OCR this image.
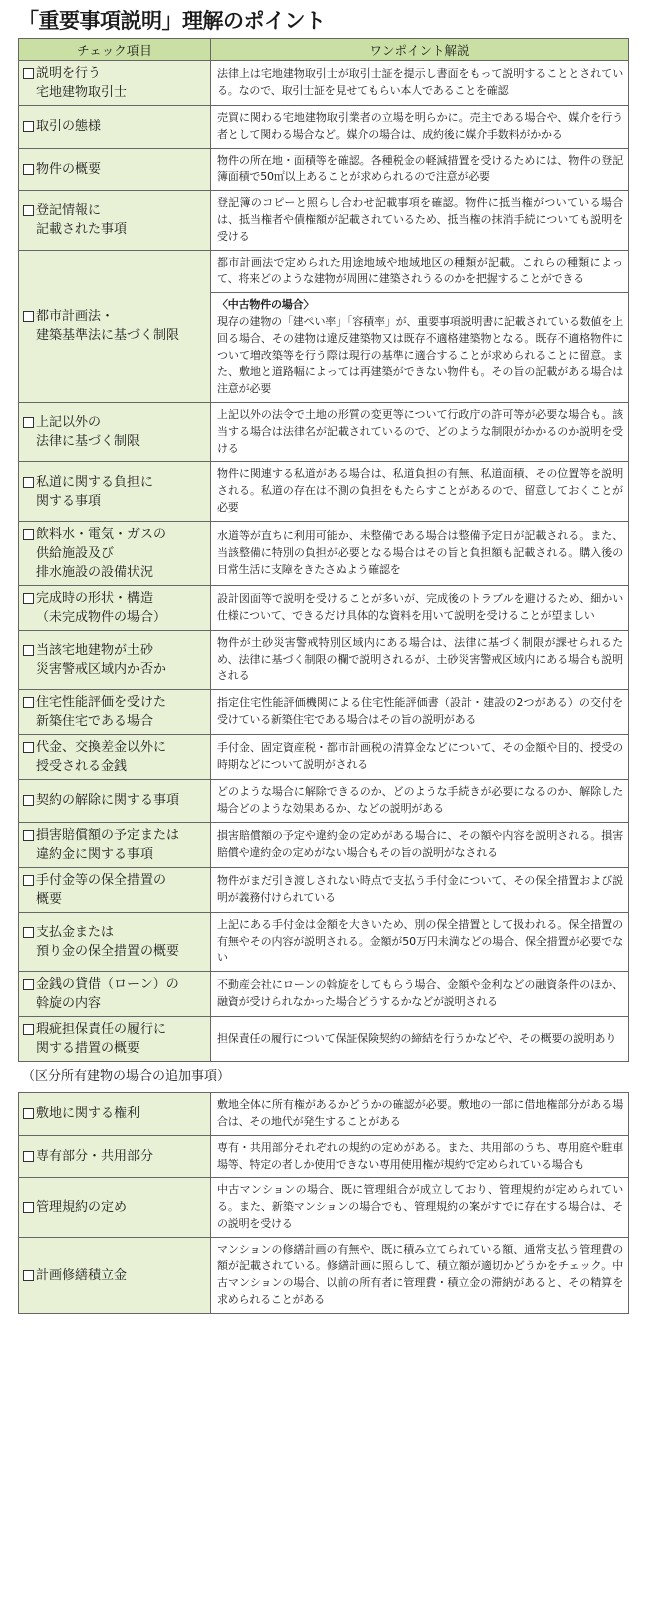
「重要事項説明」理解のポイント
チェック項目	ワンポイント解説

説明を行う
宅地建物取引士	法律上は宅地建物取引士が取引士証を提示し書面をもって説明することとされている。なので、取引士証を見せてもらい本人であることを確認

取引の態様	売買に関わる宅地建物取引業者の立場を明らかに。売主である場合や、媒介を行う者として関わる場合など。媒介の場合は、成約後に媒介手数料がかかる

物件の概要	物件の所在地・面積等を確認。各種税金の軽減措置を受けるためには、物件の登記簿面積で50㎡以上あることが求められるので注意が必要

登記情報に
記載された事項	登記簿のコピーと照らし合わせ記載事項を確認。物件に抵当権がついている場合は、抵当権者や債権額が記載されているため、抵当権の抹消手続についても説明を受ける

都市計画法・
建築基準法に基づく制限	都市計画法で定められた用途地域や地域地区の種類が記載。これらの種類によって、将来どのような建物が周囲に建築されうるのかを把握することができる

	〈中古物件の場合〉
現存の建物の「建ぺい率」「容積率」が、重要事項説明書に記載されている数値を上回る場合、その建物は違反建築物又は既存不適格建築物となる。既存不適格物件について増改築等を行う際は現行の基準に適合することが求められることに留意。また、敷地と道路幅によっては再建築ができない物件も。その旨の記載がある場合は注意が必要

上記以外の
法律に基づく制限	上記以外の法令で土地の形質の変更等について行政庁の許可等が必要な場合も。該当する場合は法律名が記載されているので、どのような制限がかかるのか説明を受ける

私道に関する負担に
関する事項	物件に関連する私道がある場合は、私道負担の有無、私道面積、その位置等を説明される。私道の存在は不測の負担をもたらすことがあるので、留意しておくことが必要

飲料水・電気・ガスの
供給施設及び
排水施設の設備状況	水道等が直ちに利用可能か、未整備である場合は整備予定日が記載される。また、当該整備に特別の負担が必要となる場合はその旨と負担額も記載される。購入後の日常生活に支障をきたさぬよう確認を

完成時の形状・構造
（未完成物件の場合）	設計図面等で説明を受けることが多いが、完成後のトラブルを避けるため、細かい仕様について、できるだけ具体的な資料を用いて説明を受けることが望ましい

当該宅地建物が土砂
災害警戒区域内か否か	物件が土砂災害警戒特別区域内にある場合は、法律に基づく制限が課せられるため、法律に基づく制限の欄で説明されるが、土砂災害警戒区域内にある場合も説明される

住宅性能評価を受けた
新築住宅である場合	指定住宅性能評価機関による住宅性能評価書（設計・建設の2つがある）の交付を受けている新築住宅である場合はその旨の説明がある

代金、交換差金以外に
授受される金銭	手付金、固定資産税・都市計画税の清算金などについて、その金額や目的、授受の時期などについて説明がされる

契約の解除に関する事項	どのような場合に解除できるのか、どのような手続きが必要になるのか、解除した場合どのような効果あるか、などの説明がある

損害賠償額の予定または
違約金に関する事項	損害賠償額の予定や違約金の定めがある場合に、その額や内容を説明される。損害賠償や違約金の定めがない場合もその旨の説明がなされる

手付金等の保全措置の
概要	物件がまだ引き渡しされない時点で支払う手付金について、その保全措置および説明が義務付けられている

支払金または
預り金の保全措置の概要	上記にある手付金は金額を大きいため、別の保全措置として扱われる。保全措置の有無やその内容が説明される。金額が50万円未満などの場合、保全措置が必要でない

金銭の貸借（ローン）の
斡旋の内容	不動産会社にローンの斡旋をしてもらう場合、金額や金利などの融資条件のほか、融資が受けられなかった場合どうするかなどが説明される

瑕疵担保責任の履行に
関する措置の概要	担保責任の履行について保証保険契約の締結を行うかなどや、その概要の説明あり
（区分所有建物の場合の追加事項）
敷地に関する権利	敷地全体に所有権があるかどうかの確認が必要。敷地の一部に借地権部分がある場合は、その地代が発生することがある

専有部分・共用部分	専有・共用部分それぞれの規約の定めがある。また、共用部のうち、専用庭や駐車場等、特定の者しか使用できない専用使用権が規約で定められている場合も

管理規約の定め	中古マンションの場合、既に管理組合が成立しており、管理規約が定められている。また、新築マンションの場合でも、管理規約の案がすでに存在する場合は、その説明を受ける

計画修繕積立金	マンションの修繕計画の有無や、既に積み立てられている額、通常支払う管理費の額が記載されている。修繕計画に照らして、積立額が適切かどうかをチェック。中古マンションの場合、以前の所有者に管理費・積立金の滞納があると、その精算を求められることがある
